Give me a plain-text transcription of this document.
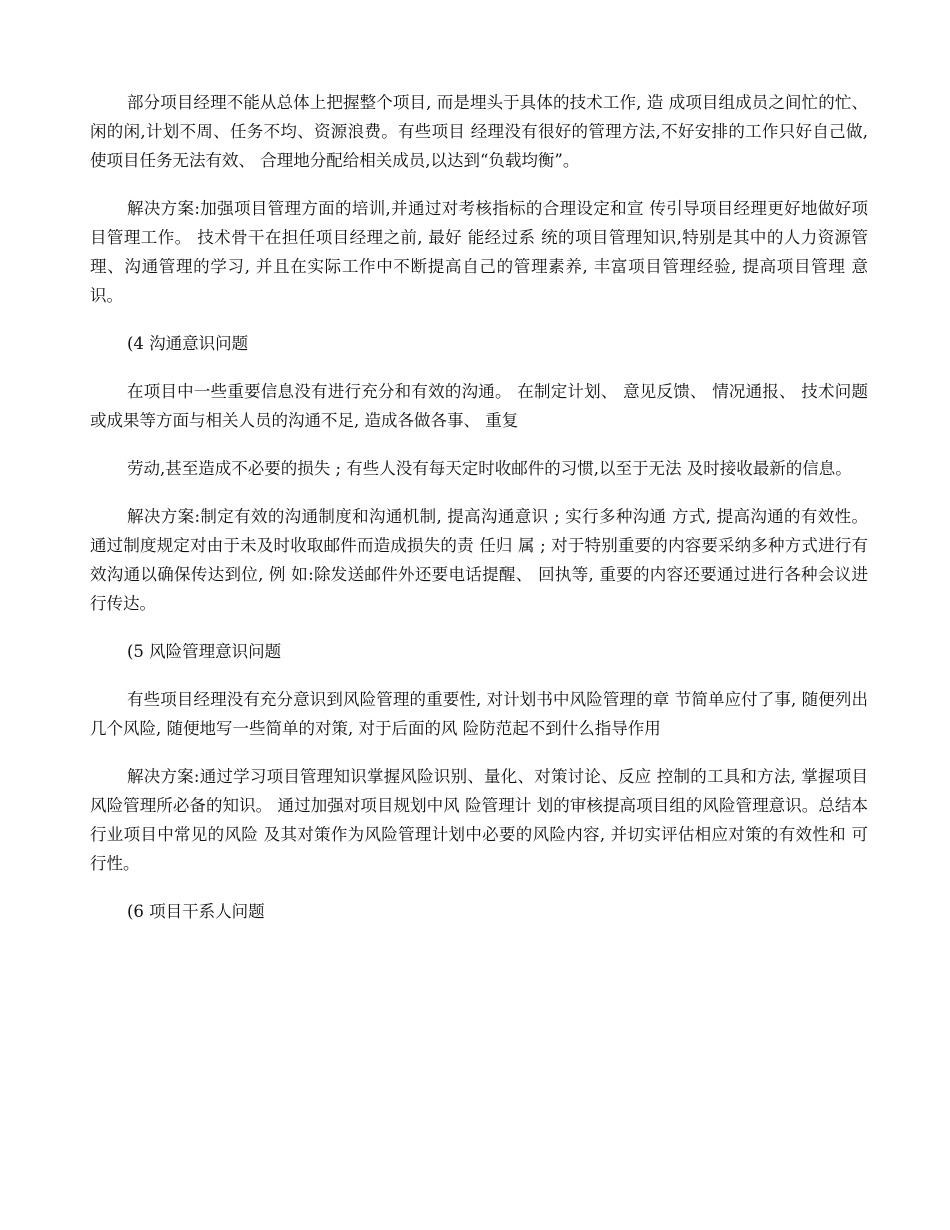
部分项目经理不能从总体上把握整个项目, 而是埋头于具体的技术工作, 造 成项目组成员之间忙的忙、闲的闲,计划不周、任务不均、资源浪费。有些项目 经理没有很好的管理方法,不好安排的工作只好自己做,使项目任务无法有效、 合理地分配给相关成员,以达到“负载均衡”。

解决方案:加强项目管理方面的培训,并通过对考核指标的合理设定和宣 传引导项目经理更好地做好项目管理工作。 技术骨干在担任项目经理之前, 最好 能经过系 统的项目管理知识,特别是其中的人力资源管理、沟通管理的学习, 并且在实际工作中不断提高自己的管理素养, 丰富项目管理经验, 提高项目管理 意识。

(4 沟通意识问题

在项目中一些重要信息没有进行充分和有效的沟通。 在制定计划、 意见反馈、 情况通报、 技术问题或成果等方面与相关人员的沟通不足, 造成各做各事、 重复

劳动,甚至造成不必要的损失 ; 有些人没有每天定时收邮件的习惯,以至于无法 及时接收最新的信息。

解决方案:制定有效的沟通制度和沟通机制, 提高沟通意识 ; 实行多种沟通 方式, 提高沟通的有效性。 通过制度规定对由于未及时收取邮件而造成损失的责 任归 属 ; 对于特别重要的内容要采纳多种方式进行有效沟通以确保传达到位, 例 如:除发送邮件外还要电话提醒、 回执等, 重要的内容还要通过进行各种会议进 行传达。

(5 风险管理意识问题

有些项目经理没有充分意识到风险管理的重要性, 对计划书中风险管理的章 节简单应付了事, 随便列出几个风险, 随便地写一些简单的对策, 对于后面的风 险防范起不到什么指导作用

解决方案:通过学习项目管理知识掌握风险识别、量化、对策讨论、反应 控制的工具和方法, 掌握项目风险管理所必备的知识。 通过加强对项目规划中风 险管理计 划的审核提高项目组的风险管理意识。总结本行业项目中常见的风险 及其对策作为风险管理计划中必要的风险内容, 并切实评估相应对策的有效性和 可行性。

(6 项目干系人问题
